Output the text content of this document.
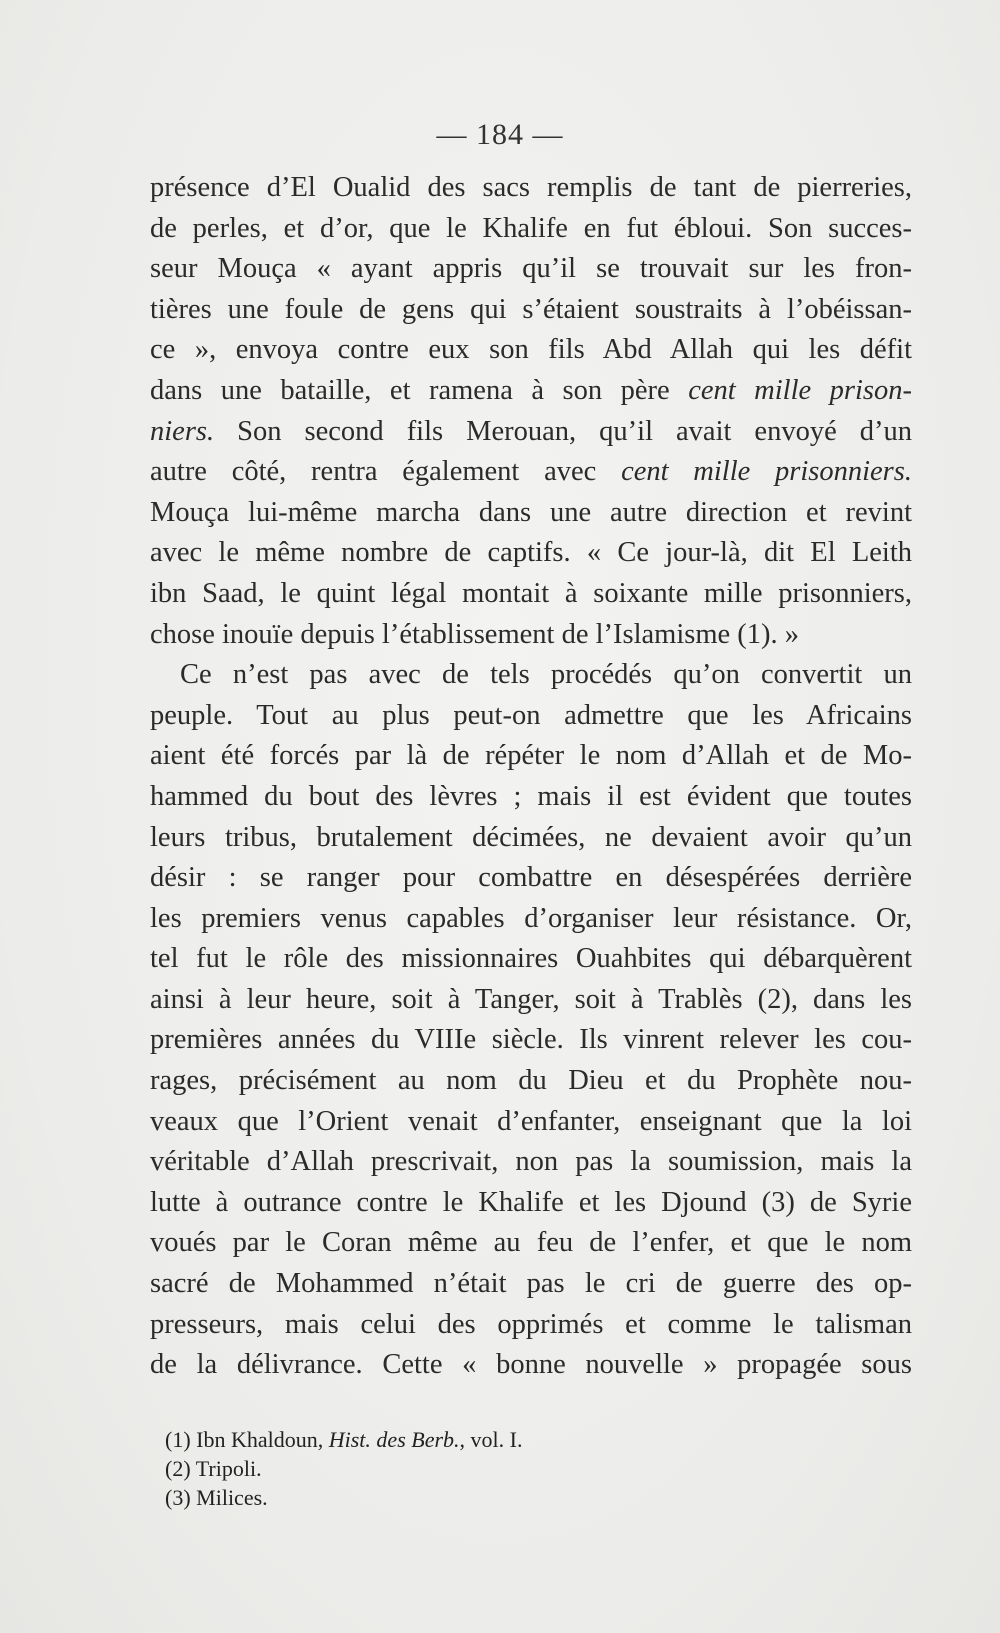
— 184 —
présence d’El Oualid des sacs remplis de tant de pierreries,
de perles, et d’or, que le Khalife en fut ébloui. Son succes-
seur Mouça « ayant appris qu’il se trouvait sur les fron-
tières une foule de gens qui s’étaient soustraits à l’obéissan-
ce », envoya contre eux son fils Abd Allah qui les défit
dans une bataille, et ramena à son père cent mille prison-
niers. Son second fils Merouan, qu’il avait envoyé d’un
autre côté, rentra également avec cent mille prisonniers.
Mouça lui-même marcha dans une autre direction et revint
avec le même nombre de captifs. « Ce jour-là, dit El Leith
ibn Saad, le quint légal montait à soixante mille prisonniers,
chose inouïe depuis l’établissement de l’Islamisme (1). »
Ce n’est pas avec de tels procédés qu’on convertit un
peuple. Tout au plus peut-on admettre que les Africains
aient été forcés par là de répéter le nom d’Allah et de Mo-
hammed du bout des lèvres ; mais il est évident que toutes
leurs tribus, brutalement décimées, ne devaient avoir qu’un
désir : se ranger pour combattre en désespérées derrière
les premiers venus capables d’organiser leur résistance. Or,
tel fut le rôle des missionnaires Ouahbites qui débarquèrent
ainsi à leur heure, soit à Tanger, soit à Trablès (2), dans les
premières années du VIIIe siècle. Ils vinrent relever les cou-
rages, précisément au nom du Dieu et du Prophète nou-
veaux que l’Orient venait d’enfanter, enseignant que la loi
véritable d’Allah prescrivait, non pas la soumission, mais la
lutte à outrance contre le Khalife et les Djound (3) de Syrie
voués par le Coran même au feu de l’enfer, et que le nom
sacré de Mohammed n’était pas le cri de guerre des op-
presseurs, mais celui des opprimés et comme le talisman
de la délivrance. Cette « bonne nouvelle » propagée sous
(1) Ibn Khaldoun, Hist. des Berb., vol. I.
(2) Tripoli.
(3) Milices.
